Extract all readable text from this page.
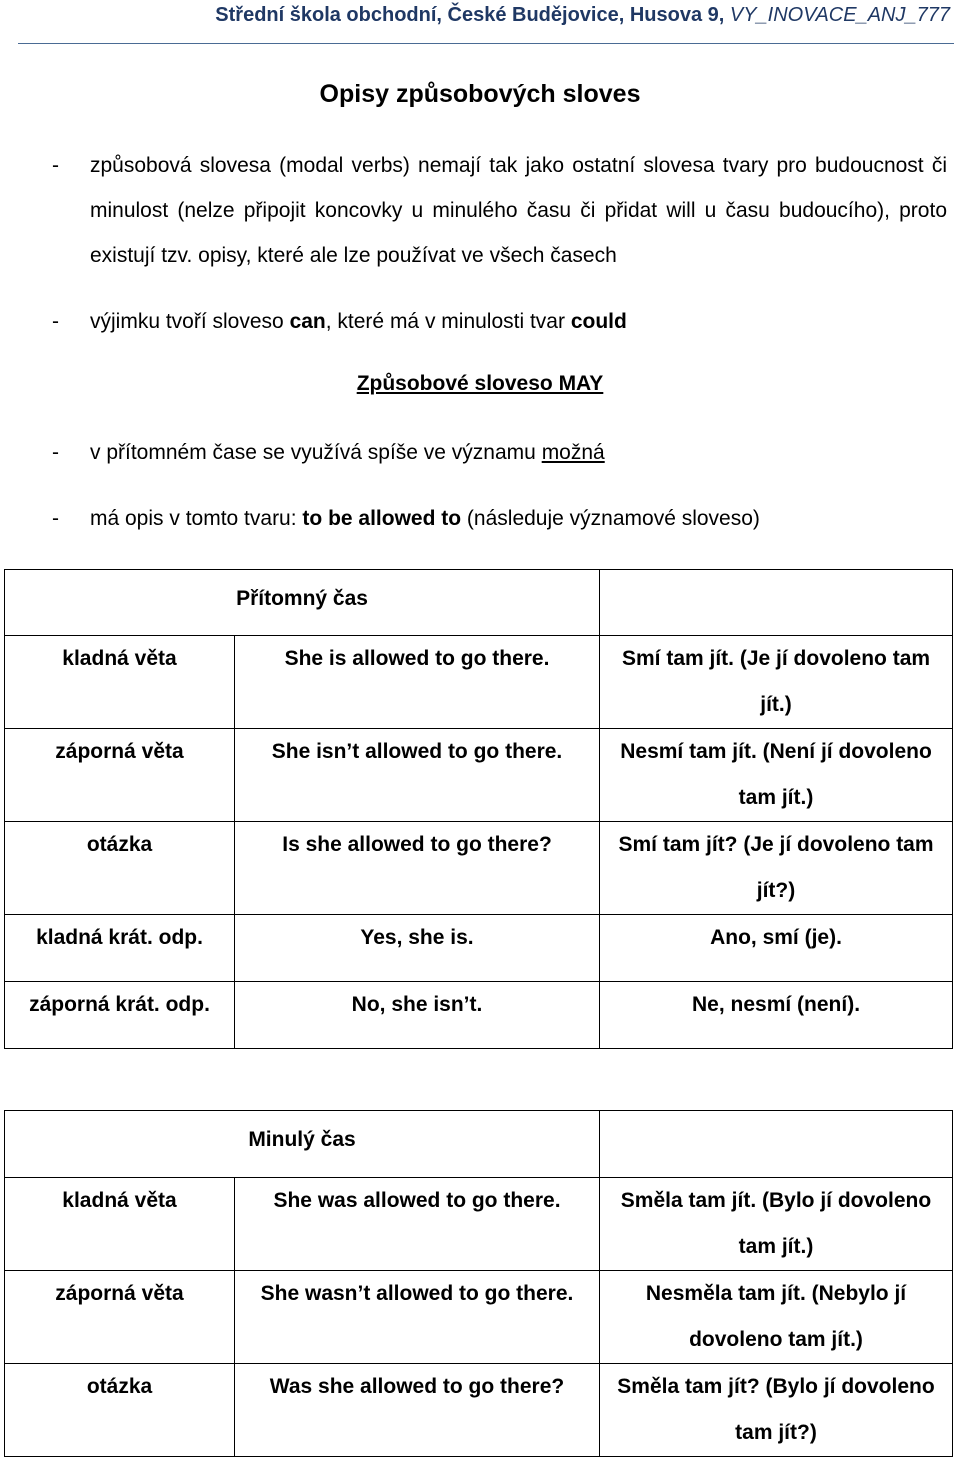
Střední škola obchodní, České Budějovice, Husova 9, VY_INOVACE_ANJ_777
Opisy způsobových sloves
- způsobová slovesa (modal verbs) nemají tak jako ostatní slovesa tvary pro budoucnost či minulost (nelze připojit koncovky u minulého času či přidat will u času budoucího), proto existují tzv. opisy, které ale lze používat ve všech časech
- výjimku tvoří sloveso can, které má v minulosti tvar could
Způsobové sloveso MAY
- v přítomném čase se využívá spíše ve významu možná
- má opis v tomto tvaru: to be allowed to (následuje významové sloveso)
Přítomný čas		
kladná věta	She is allowed to go there.	Smí tam jít. (Je jí dovoleno tam jít.)
záporná věta	She isn’t allowed to go there.	Nesmí tam jít. (Není jí dovoleno tam jít.)
otázka	Is she allowed to go there?	Smí tam jít? (Je jí dovoleno tam jít?)
kladná krát. odp.	Yes, she is.	Ano, smí (je).
záporná krát. odp.	No, she isn’t.	Ne, nesmí (není).
Minulý čas		
kladná věta	She was allowed to go there.	Směla tam jít. (Bylo jí dovoleno tam jít.)
záporná věta	She wasn’t allowed to go there.	Nesměla tam jít. (Nebylo jí dovoleno tam jít.)
otázka	Was she allowed to go there?	Směla tam jít? (Bylo jí dovoleno tam jít?)
